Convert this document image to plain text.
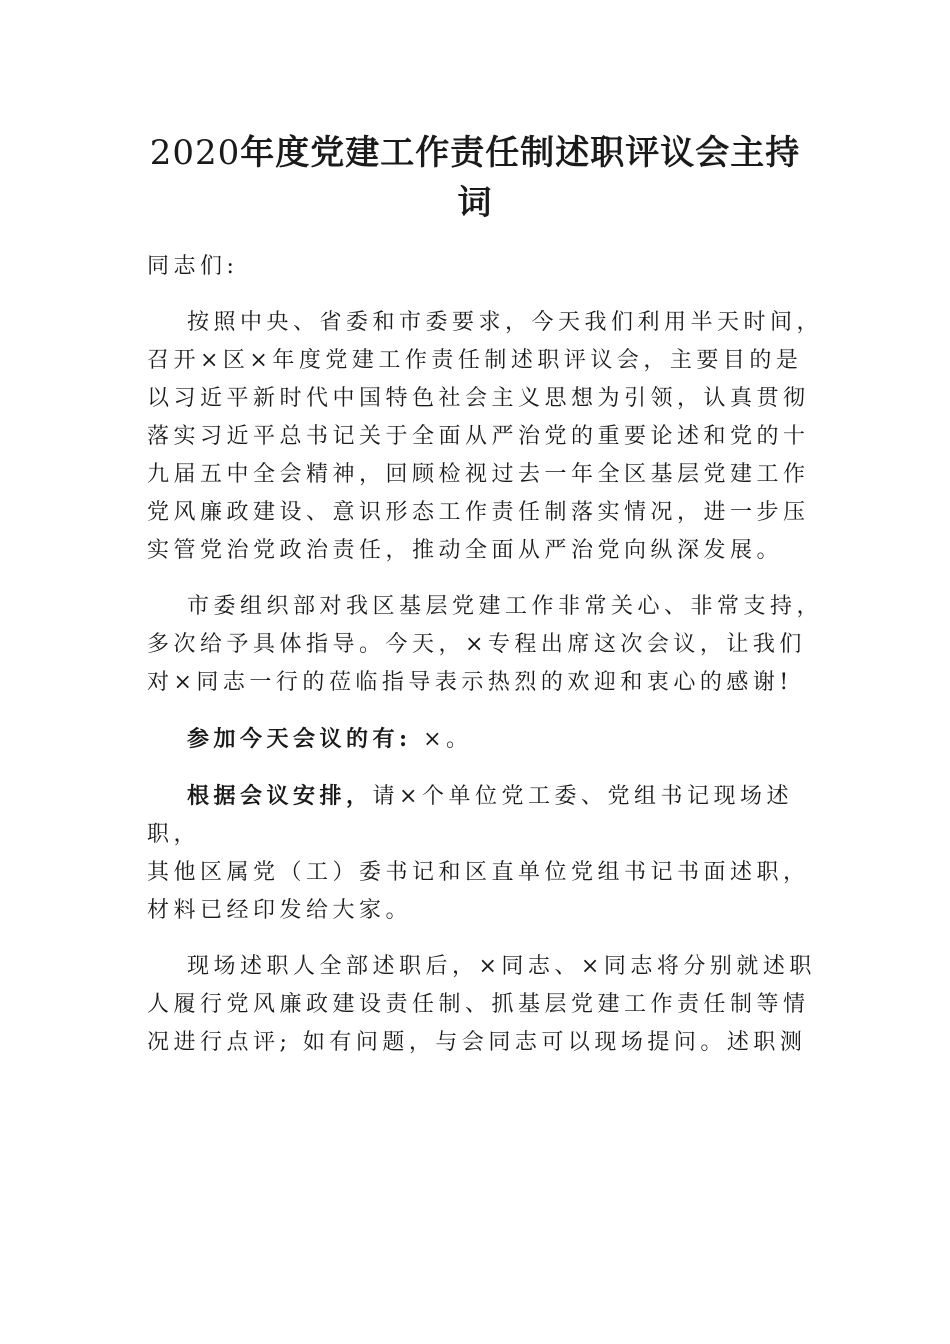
2020年度党建工作责任制述职评议会主持
词
同志们:
按照中央、省委和市委要求，今天我们利用半天时间，
召开×区×年度党建工作责任制述职评议会，主要目的是
以习近平新时代中国特色社会主义思想为引领，认真贯彻
落实习近平总书记关于全面从严治党的重要论述和党的十
九届五中全会精神，回顾检视过去一年全区基层党建工作
党风廉政建设、意识形态工作责任制落实情况，进一步压
实管党治党政治责任，推动全面从严治党向纵深发展。
市委组织部对我区基层党建工作非常关心、非常支持，
多次给予具体指导。今天，×专程出席这次会议，让我们
对×同志一行的莅临指导表示热烈的欢迎和衷心的感谢!
参加今天会议的有: ×。
根据会议安排，请×个单位党工委、党组书记现场述职，
其他区属党（工）委书记和区直单位党组书记书面述职，
材料已经印发给大家。
现场述职人全部述职后，×同志、×同志将分别就述职
人履行党风廉政建设责任制、抓基层党建工作责任制等情
况进行点评; 如有问题，与会同志可以现场提问。述职测
